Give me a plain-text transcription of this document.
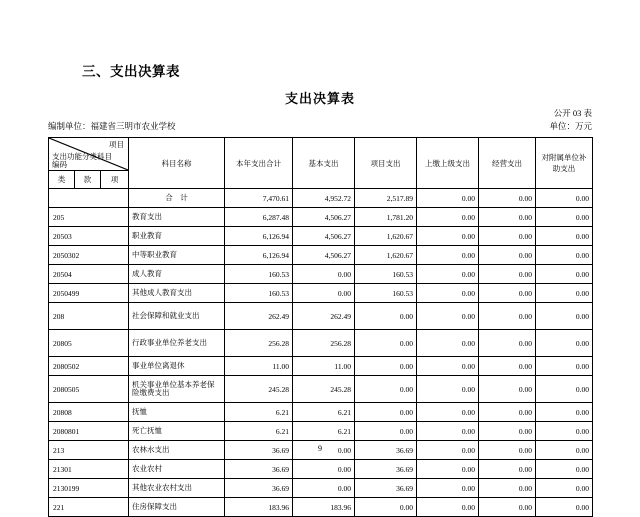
三、支出决算表
支出决算表
公开 03 表
单位：万元
编制单位：福建省三明市农业学校
项目
支出功能分类科目编码			科目名称	本年支出合计	基本支出	项目支出	上缴上级支出	经营支出	对附属单位补助支出
类	款	项							
			合　计	7,470.61	4,952.72	2,517.89	0.00	0.00	0.00
205			教育支出	6,287.48	4,506.27	1,781.20	0.00	0.00	0.00
20503			职业教育	6,126.94	4,506.27	1,620.67	0.00	0.00	0.00
2050302			中等职业教育	6,126.94	4,506.27	1,620.67	0.00	0.00	0.00
20504			成人教育	160.53	0.00	160.53	0.00	0.00	0.00
2050499			其他成人教育支出	160.53	0.00	160.53	0.00	0.00	0.00
208			社会保障和就业支出	262.49	262.49	0.00	0.00	0.00	0.00
20805			行政事业单位养老支出	256.28	256.28	0.00	0.00	0.00	0.00
2080502			事业单位离退休	11.00	11.00	0.00	0.00	0.00	0.00
2080505			机关事业单位基本养老保险缴费支出	245.28	245.28	0.00	0.00	0.00	0.00
20808			抚恤	6.21	6.21	0.00	0.00	0.00	0.00
2080801			死亡抚恤	6.21	6.21	0.00	0.00	0.00	0.00
213			农林水支出	36.69	0.00	36.69	0.00	0.00	0.00
21301			农业农村	36.69	0.00	36.69	0.00	0.00	0.00
2130199			其他农业农村支出	36.69	0.00	36.69	0.00	0.00	0.00
221			住房保障支出	183.96	183.96	0.00	0.00	0.00	0.00
9
